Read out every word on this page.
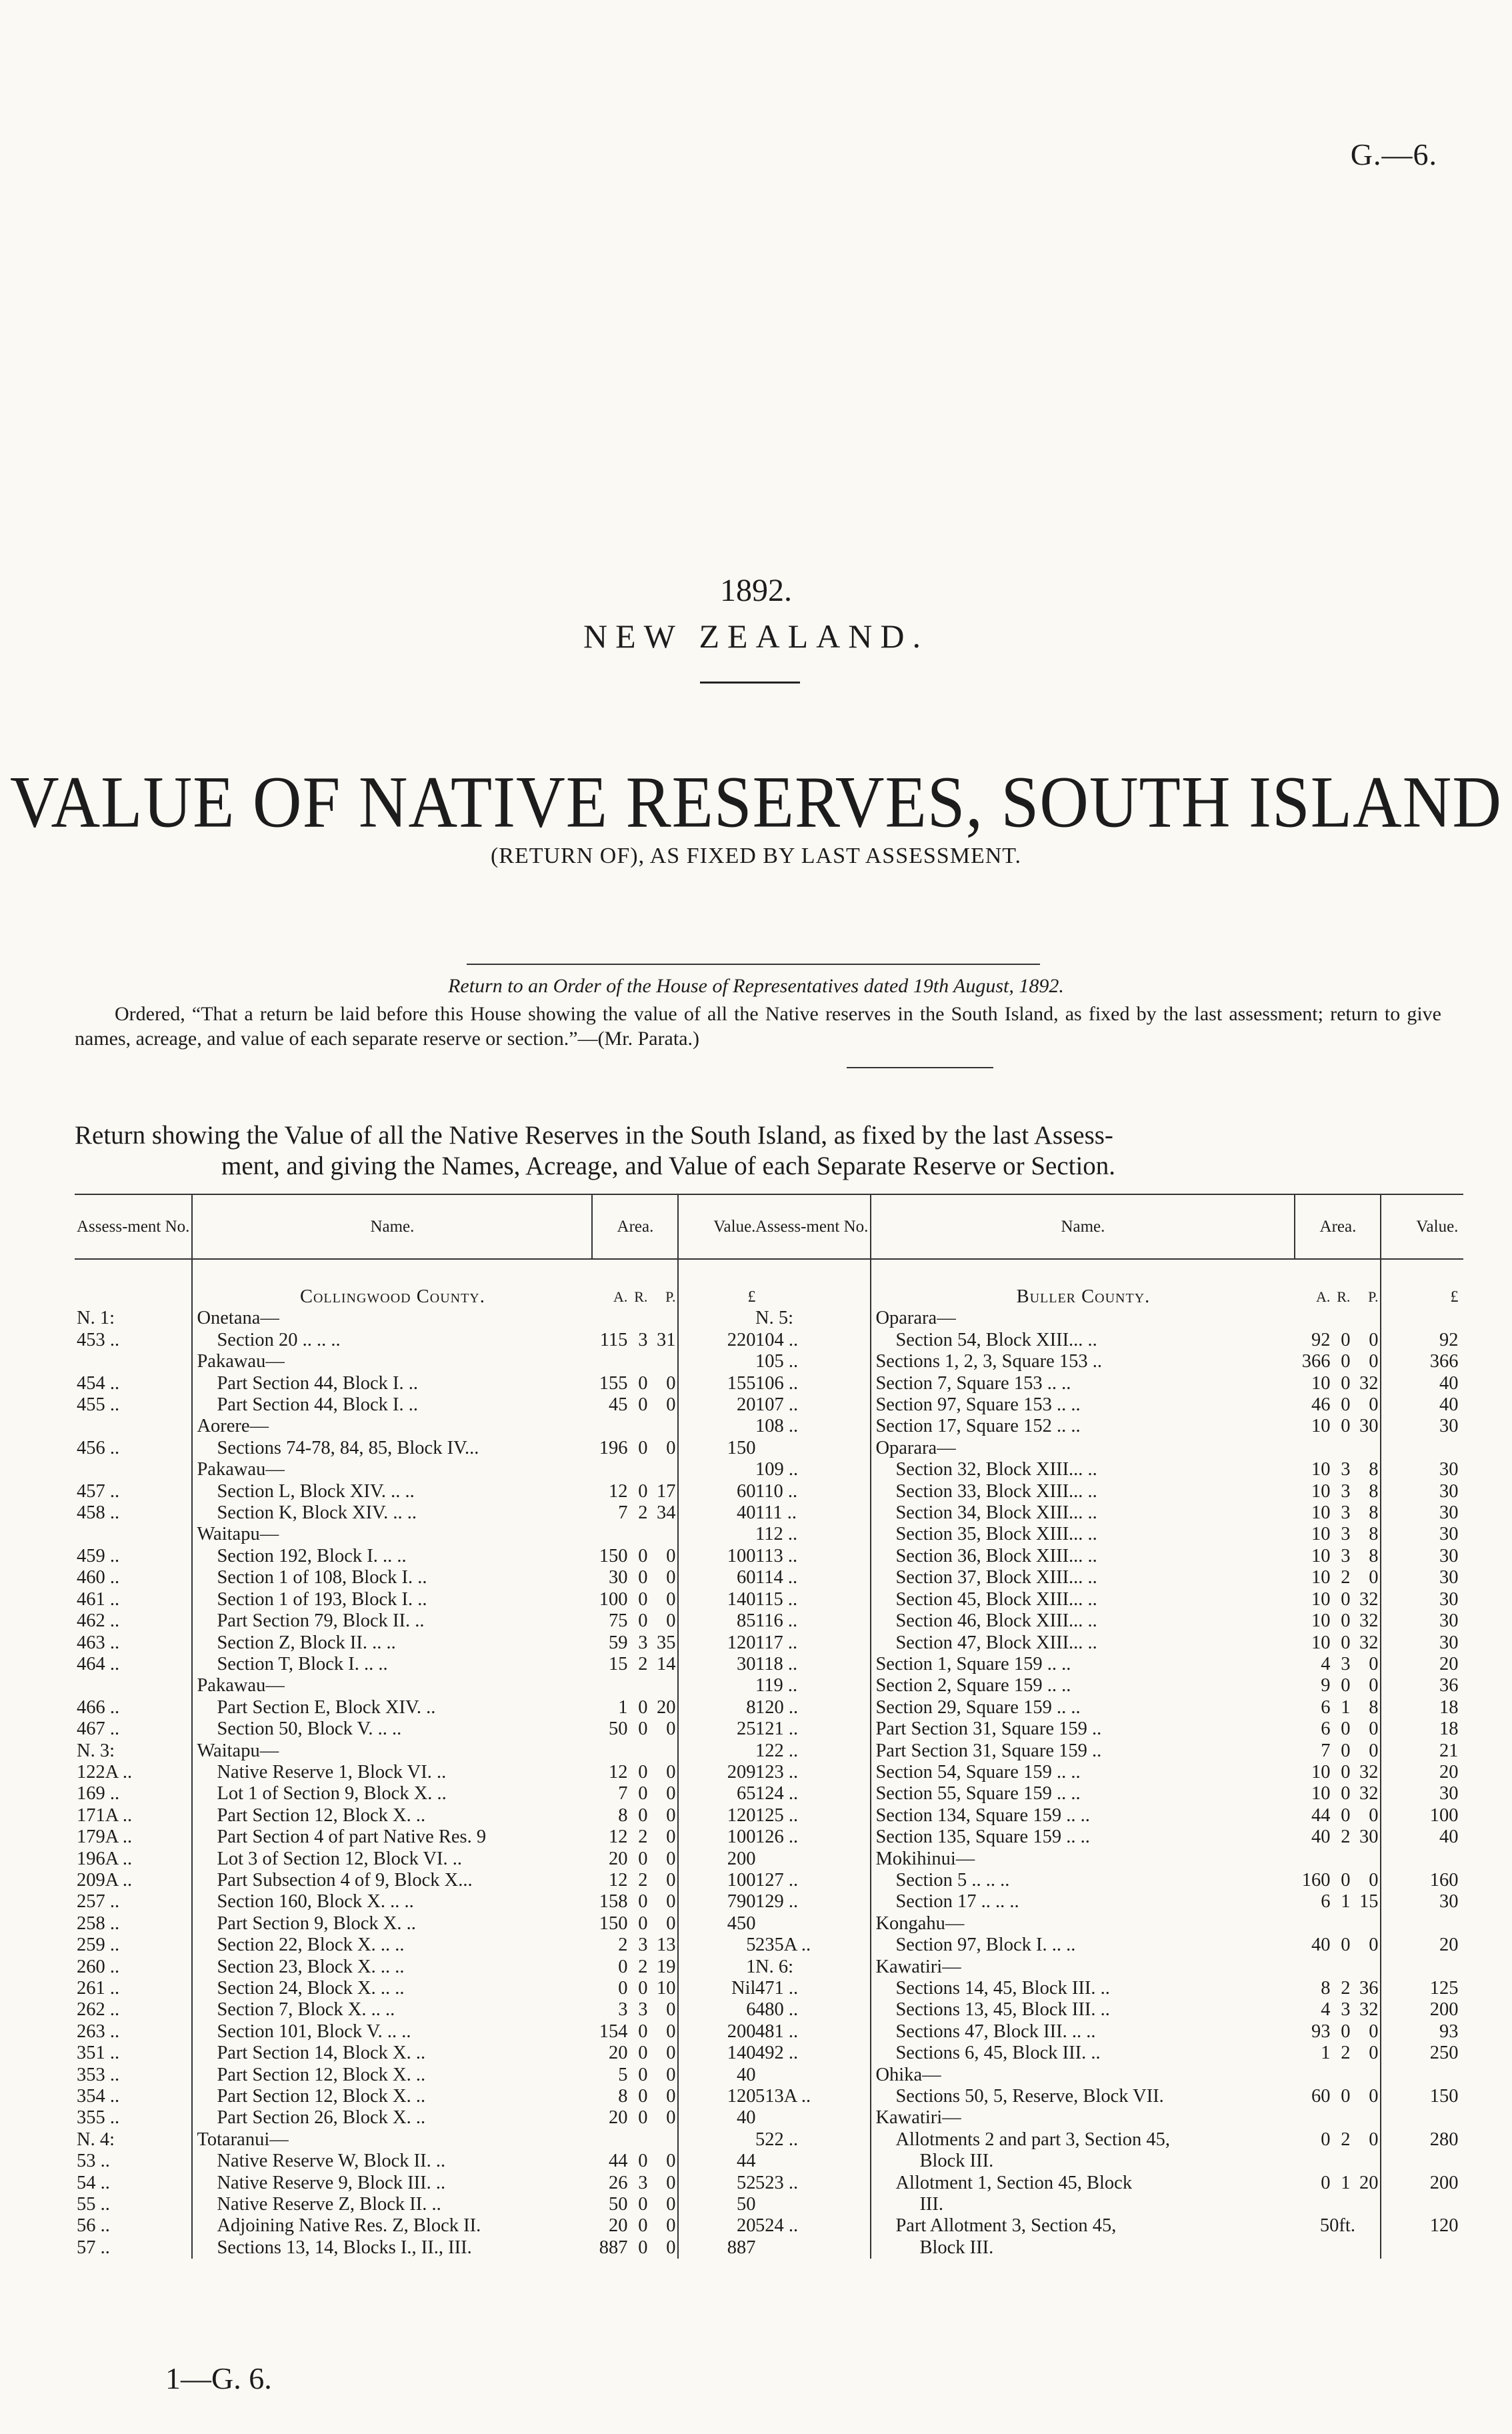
G.—6.
1892.
NEW ZEALAND.
VALUE OF NATIVE RESERVES, SOUTH ISLAND
(RETURN OF), AS FIXED BY LAST ASSESSMENT.
Return to an Order of the House of Representatives dated 19th August, 1892.
Ordered, “That a return be laid before this House showing the value of all the Native reserves in the South Island, as fixed by the last assessment; return to give names, acreage, and value of each separate reserve or section.”—(Mr. Parata.)
Return showing the Value of all the Native Reserves in the South Island, as fixed by the last Assess-
ment, and giving the Names, Acreage, and Value of each Separate Reserve or Section.
Assess-ment No.	Name.	Area.			Value.

	Collingwood County.	A.	R.	P.	£
N. 1:	Onetana—				
453 ..	Section 20 .. .. ..	115	3	31	220
	Pakawau—				
454 ..	Part Section 44, Block I. ..	155	0	0	155
455 ..	Part Section 44, Block I. ..	45	0	0	20
	Aorere—				
456 ..	Sections 74-78, 84, 85, Block IV...	196	0	0	150
	Pakawau—				
457 ..	Section L, Block XIV. .. ..	12	0	17	60
458 ..	Section K, Block XIV. .. ..	7	2	34	40
	Waitapu—				
459 ..	Section 192, Block I. .. ..	150	0	0	100
460 ..	Section 1 of 108, Block I. ..	30	0	0	60
461 ..	Section 1 of 193, Block I. ..	100	0	0	140
462 ..	Part Section 79, Block II. ..	75	0	0	85
463 ..	Section Z, Block II. .. ..	59	3	35	120
464 ..	Section T, Block I. .. ..	15	2	14	30
	Pakawau—				
466 ..	Part Section E, Block XIV. ..	1	0	20	8
467 ..	Section 50, Block V. .. ..	50	0	0	25
N. 3:	Waitapu—				
122A ..	Native Reserve 1, Block VI. ..	12	0	0	209
169 ..	Lot 1 of Section 9, Block X. ..	7	0	0	65
171A ..	Part Section 12, Block X. ..	8	0	0	120
179A ..	Part Section 4 of part Native Res. 9	12	2	0	100
196A ..	Lot 3 of Section 12, Block VI. ..	20	0	0	200
209A ..	Part Subsection 4 of 9, Block X...	12	2	0	100
257 ..	Section 160, Block X. .. ..	158	0	0	790
258 ..	Part Section 9, Block X. ..	150	0	0	450
259 ..	Section 22, Block X. .. ..	2	3	13	5
260 ..	Section 23, Block X. .. ..	0	2	19	1
261 ..	Section 24, Block X. .. ..	0	0	10	Nil
262 ..	Section 7, Block X. .. ..	3	3	0	6
263 ..	Section 101, Block V. .. ..	154	0	0	200
351 ..	Part Section 14, Block X. ..	20	0	0	140
353 ..	Part Section 12, Block X. ..	5	0	0	40
354 ..	Part Section 12, Block X. ..	8	0	0	120
355 ..	Part Section 26, Block X. ..	20	0	0	40
N. 4:	Totaranui—				
53 ..	Native Reserve W, Block II. ..	44	0	0	44
54 ..	Native Reserve 9, Block III. ..	26	3	0	52
55 ..	Native Reserve Z, Block II. ..	50	0	0	50
56 ..	Adjoining Native Res. Z, Block II.	20	0	0	20
57 ..	Sections 13, 14, Blocks I., II., III.	887	0	0	887
Assess-ment No.	Name.	Area.			Value.

	Buller County.	A.	R.	P.	£
N. 5:	Oparara—				
104 ..	Section 54, Block XIII... ..	92	0	0	92
105 ..	Sections 1, 2, 3, Square 153 ..	366	0	0	366
106 ..	Section 7, Square 153 .. ..	10	0	32	40
107 ..	Section 97, Square 153 .. ..	46	0	0	40
108 ..	Section 17, Square 152 .. ..	10	0	30	30
	Oparara—				
109 ..	Section 32, Block XIII... ..	10	3	8	30
110 ..	Section 33, Block XIII... ..	10	3	8	30
111 ..	Section 34, Block XIII... ..	10	3	8	30
112 ..	Section 35, Block XIII... ..	10	3	8	30
113 ..	Section 36, Block XIII... ..	10	3	8	30
114 ..	Section 37, Block XIII... ..	10	2	0	30
115 ..	Section 45, Block XIII... ..	10	0	32	30
116 ..	Section 46, Block XIII... ..	10	0	32	30
117 ..	Section 47, Block XIII... ..	10	0	32	30
118 ..	Section 1, Square 159 .. ..	4	3	0	20
119 ..	Section 2, Square 159 .. ..	9	0	0	36
120 ..	Section 29, Square 159 .. ..	6	1	8	18
121 ..	Part Section 31, Square 159 ..	6	0	0	18
122 ..	Part Section 31, Square 159 ..	7	0	0	21
123 ..	Section 54, Square 159 .. ..	10	0	32	20
124 ..	Section 55, Square 159 .. ..	10	0	32	30
125 ..	Section 134, Square 159 .. ..	44	0	0	100
126 ..	Section 135, Square 159 .. ..	40	2	30	40
	Mokihinui—				
127 ..	Section 5 .. .. ..	160	0	0	160
129 ..	Section 17 .. .. ..	6	1	15	30
	Kongahu—				
235A ..	Section 97, Block I. .. ..	40	0	0	20
N. 6:	Kawatiri—				
471 ..	Sections 14, 45, Block III. ..	8	2	36	125
480 ..	Sections 13, 45, Block III. ..	4	3	32	200
481 ..	Sections 47, Block III. .. ..	93	0	0	93
492 ..	Sections 6, 45, Block III. ..	1	2	0	250
	Ohika—				
513A ..	Sections 50, 5, Reserve, Block VII.	60	0	0	150
	Kawatiri—				
522 ..	Allotments 2 and part 3, Section 45,	0	2	0	280
	Block III.				
523 ..	Allotment 1, Section 45, Block	0	1	20	200
	III.				
524 ..	Part Allotment 3, Section 45,	50ft.			120
	Block III.				
1—G. 6.
